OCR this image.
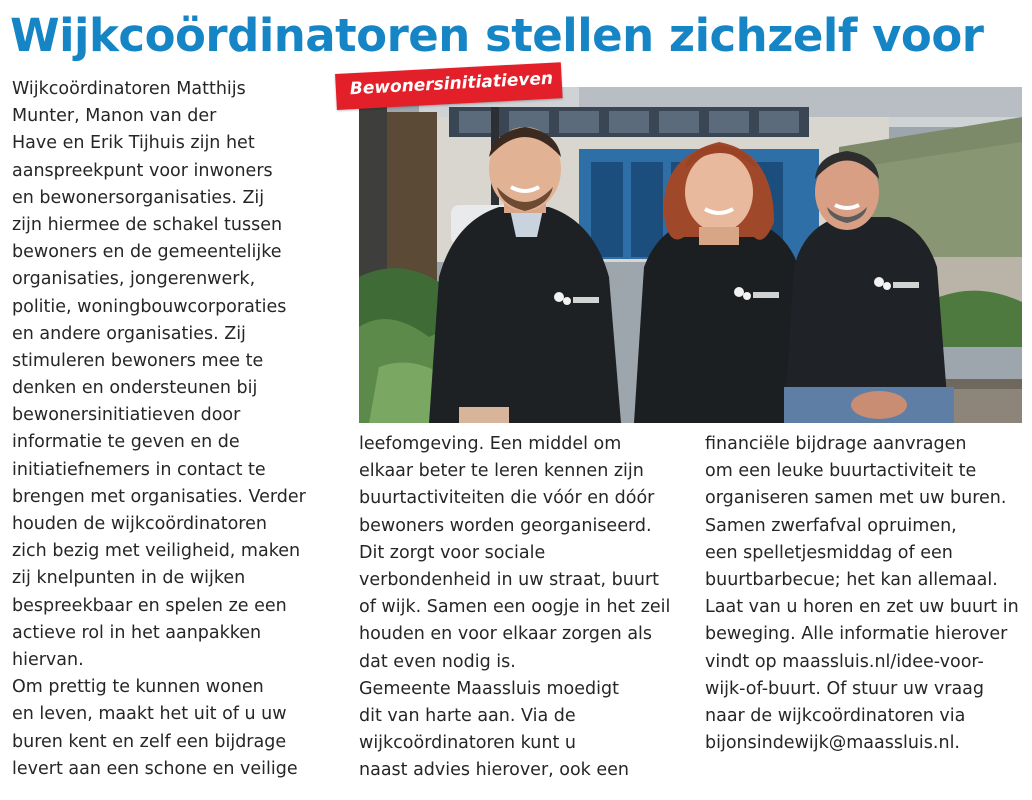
Wijkcoördinatoren stellen zichzelf voor
Wijkcoördinatoren Matthijs
Munter, Manon van der
Have en Erik Tijhuis zijn het
aanspreekpunt voor inwoners
en bewonersorganisaties. Zij
zijn hiermee de schakel tussen
bewoners en de gemeentelijke
organisaties, jongerenwerk,
politie, woningbouwcorporaties
en andere organisaties. Zij
stimuleren bewoners mee te
denken en ondersteunen bij
bewonersinitiatieven door
informatie te geven en de
initiatiefnemers in contact te
brengen met organisaties. Verder
houden de wijkcoördinatoren
zich bezig met veiligheid, maken
zij knelpunten in de wijken
bespreekbaar en spelen ze een
actieve rol in het aanpakken
hiervan.
Om prettig te kunnen wonen
en leven, maakt het uit of u uw
buren kent en zelf een bijdrage
levert aan een schone en veilige
leefomgeving. Een middel om
elkaar beter te leren kennen zijn
buurtactiviteiten die vóór en dóór
bewoners worden georganiseerd.
Dit zorgt voor sociale
verbondenheid in uw straat, buurt
of wijk. Samen een oogje in het zeil
houden en voor elkaar zorgen als
dat even nodig is.
Gemeente Maassluis moedigt
dit van harte aan. Via de
wijkcoördinatoren kunt u
naast advies hierover, ook een
financiële bijdrage aanvragen
om een leuke buurtactiviteit te
organiseren samen met uw buren.
Samen zwerfafval opruimen,
een spelletjesmiddag of een
buurtbarbecue; het kan allemaal.
Laat van u horen en zet uw buurt in
beweging. Alle informatie hierover
vindt op maassluis.nl/idee-voor-
wijk-of-buurt. Of stuur uw vraag
naar de wijkcoördinatoren via
bijonsindewijk@maassluis.nl.
Bewonersinitiatieven
